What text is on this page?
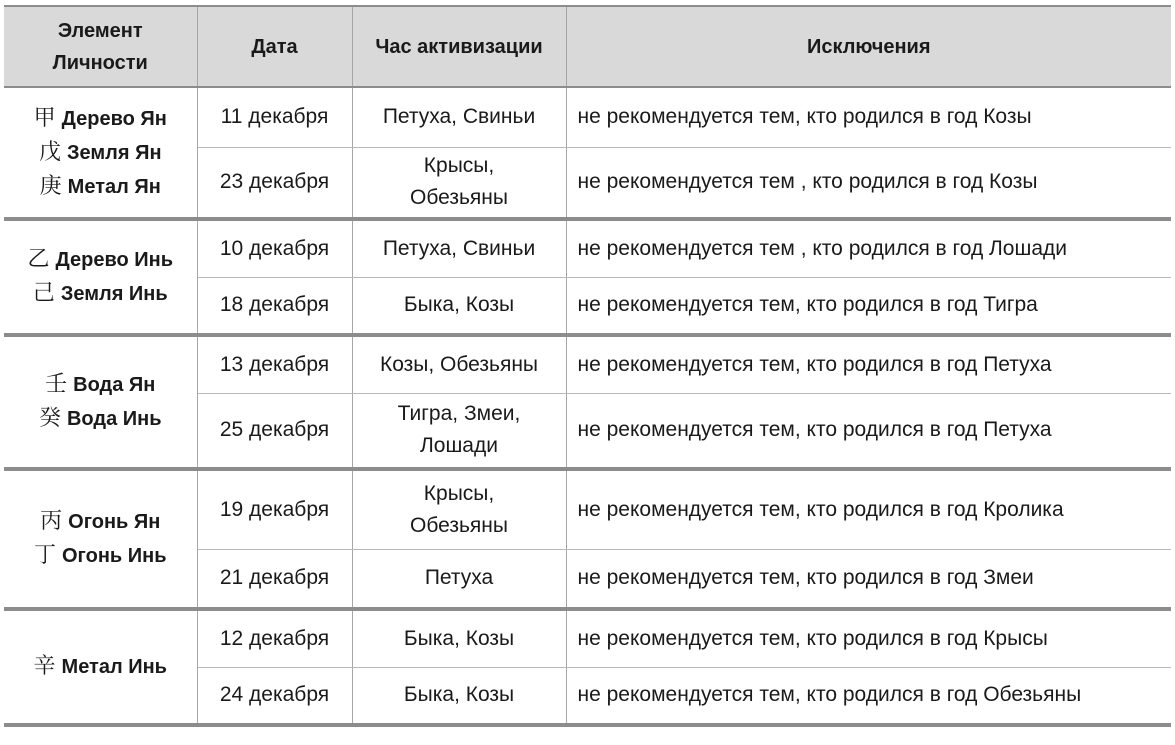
Элемент Личности	Дата	Час активизации	Исключения

甲 Дерево Ян
戊 Земля Ян
庚 Метал Ян	11 декабря	Петуха, Свиньи	не рекомендуется тем, кто родился в год Козы
	23 декабря	Крысы,
Обезьяны	не рекомендуется тем , кто родился в год Козы

乙 Дерево Инь
己 Земля Инь	10 декабря	Петуха, Свиньи	не рекомендуется тем , кто родился в год Лошади
	18 декабря	Быка, Козы	не рекомендуется тем, кто родился в год Тигра

壬 Вода Ян
癸 Вода Инь	13 декабря	Козы, Обезьяны	не рекомендуется тем, кто родился в год Петуха
	25 декабря	Тигра, Змеи,
Лошади	не рекомендуется тем, кто родился в год Петуха

丙 Огонь Ян
丁 Огонь Инь	19 декабря	Крысы,
Обезьяны	не рекомендуется тем, кто родился в год Кролика
	21 декабря	Петуха	не рекомендуется тем, кто родился в год Змеи

辛 Метал Инь	12 декабря	Быка, Козы	не рекомендуется тем, кто родился в год Крысы
	24 декабря	Быка, Козы	не рекомендуется тем, кто родился в год Обезьяны
